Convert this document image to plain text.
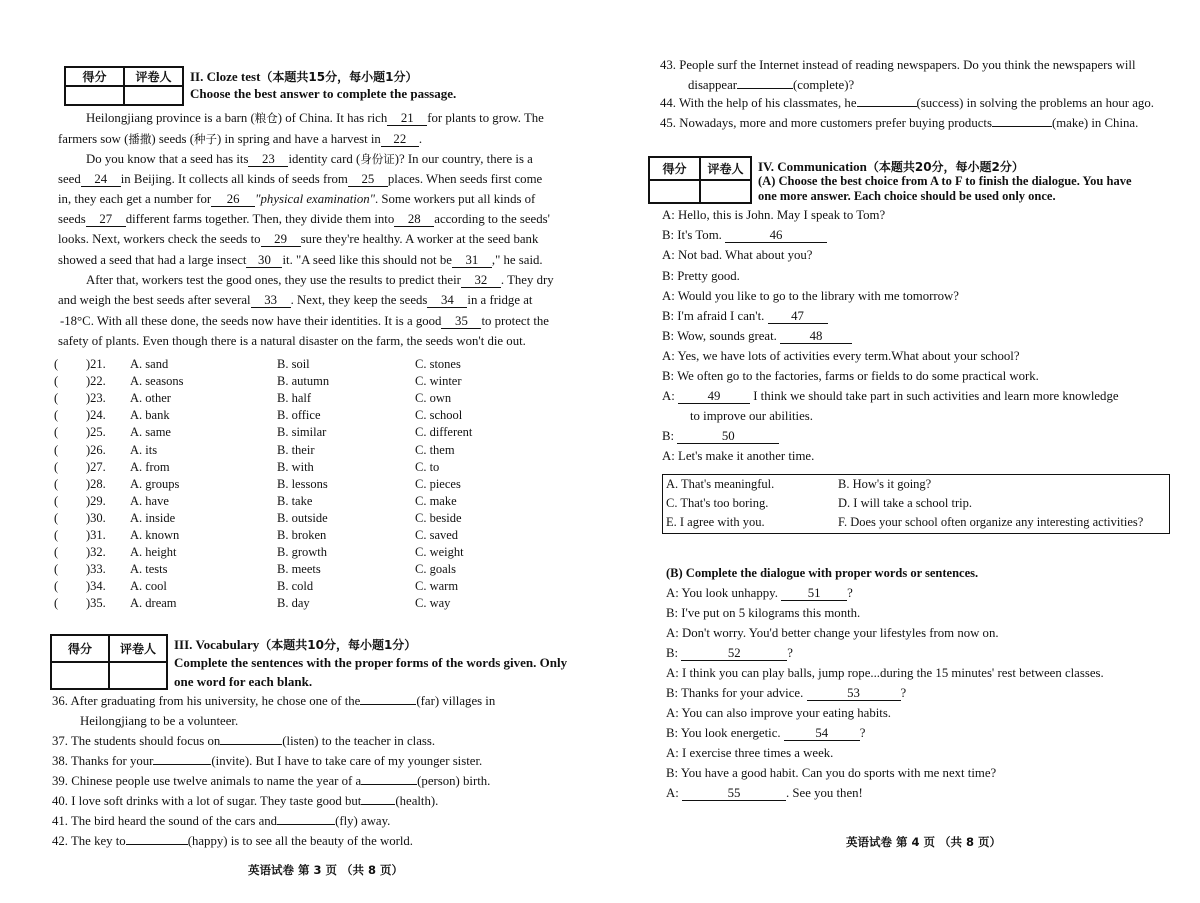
得分	评卷人	II. Cloze test（本题共15分，每小题1分）
Choose the best answer to complete the passage.
Heilongjiang province is a barn (粮仓) of China. It has rich 21 for plants to grow. The
farmers sow (播撒) seeds (种子) in spring and have a harvest in 22 .
Do you know that a seed has its 23 identity card (身份证)? In our country, there is a
seed 24 in Beijing. It collects all kinds of seeds from 25 places. When seeds first come
in, they each get a number for 26 "physical examination". Some workers put all kinds of
seeds 27 different farms together. Then, they divide them into 28 according to the seeds'
looks. Next, workers check the seeds to 29 sure they're healthy. A worker at the seed bank
showed a seed that had a large insect 30 it. "A seed like this should not be 31 ," he said.
After that, workers test the good ones, they use the results to predict their 32 . They dry
and weigh the best seeds after several 33 . Next, they keep the seeds 34 in a fridge at
-18°C. With all these done, the seeds now have their identities. It is a good 35 to protect the
safety of plants. Even though there is a natural disaster on the farm, the seeds won't die out.
( )21. A. sand	B. soil	C. stones
( )22. A. seasons	B. autumn	C. winter
( )23. A. other	B. half	C. own
( )24. A. bank	B. office	C. school
( )25. A. same	B. similar	C. different
( )26. A. its	B. their	C. them
( )27. A. from	B. with	C. to
( )28. A. groups	B. lessons	C. pieces
( )29. A. have	B. take	C. make
( )30. A. inside	B. outside	C. beside
( )31. A. known	B. broken	C. saved
( )32. A. height	B. growth	C. weight
( )33. A. tests	B. meets	C. goals
( )34. A. cool	B. cold	C. warm
( )35. A. dream	B. day	C. way
得分	评卷人	III. Vocabulary（本题共10分，每小题1分）
Complete the sentences with the proper forms of the words given. Only
one word for each blank.
36. After graduating from his university, he chose one of the	(far) villages in
Heilongjiang to be a volunteer.
37. The students should focus on	(listen) to the teacher in class.
38. Thanks for your	(invite). But I have to take care of my younger sister.
39. Chinese people use twelve animals to name the year of a	(person) birth.
40. I love soft drinks with a lot of sugar. They taste good but	(health).
41. The bird heard the sound of the cars and	(fly) away.
42. The key to	(happy) is to see all the beauty of the world.
英语试卷 第 3 页 （共 8 页）
43. People surf the Internet instead of reading newspapers. Do you think the newspapers will
disappear	(complete)?
44. With the help of his classmates, he	(success) in solving the problems an hour ago.
45. Nowadays, more and more customers prefer buying products	(make) in China.
得分	评卷人	IV. Communication（本题共20分，每小题2分）
(A) Choose the best choice from A to F to finish the dialogue. You have
one more answer. Each choice should be used only once.
A: Hello, this is John. May I speak to Tom?
B: It's Tom.	46
A: Not bad. What about you?
B: Pretty good.
A: Would you like to go to the library with me tomorrow?
B: I'm afraid I can't. 47
B: Wow, sounds great.	48
A: Yes, we have lots of activities every term.What about your school?
B: We often go to the factories, farms or fields to do some practical work.
A:	49	I think we should take part in such activities and learn more knowledge
to improve our abilities.
B:	50
A: Let's make it another time.
A. That's meaningful.	B. How's it going?
C. That's too boring.	D. I will take a school trip.
E. I agree with you.	F. Does your school often organize any interesting activities?
(B) Complete the dialogue with proper words or sentences.
A: You look unhappy. 51 ?
B: I've put on 5 kilograms this month.
A: Don't worry. You'd better change your lifestyles from now on.
B:	52	?
A: I think you can play balls, jump rope...during the 15 minutes' rest between classes.
B: Thanks for your advice.	53	?
A: You can also improve your eating habits.
B: You look energetic.	54 ?
A: I exercise three times a week.
B: You have a good habit. Can you do sports with me next time?
A:	55	. See you then!
英语试卷 第 4 页 （共 8 页）
